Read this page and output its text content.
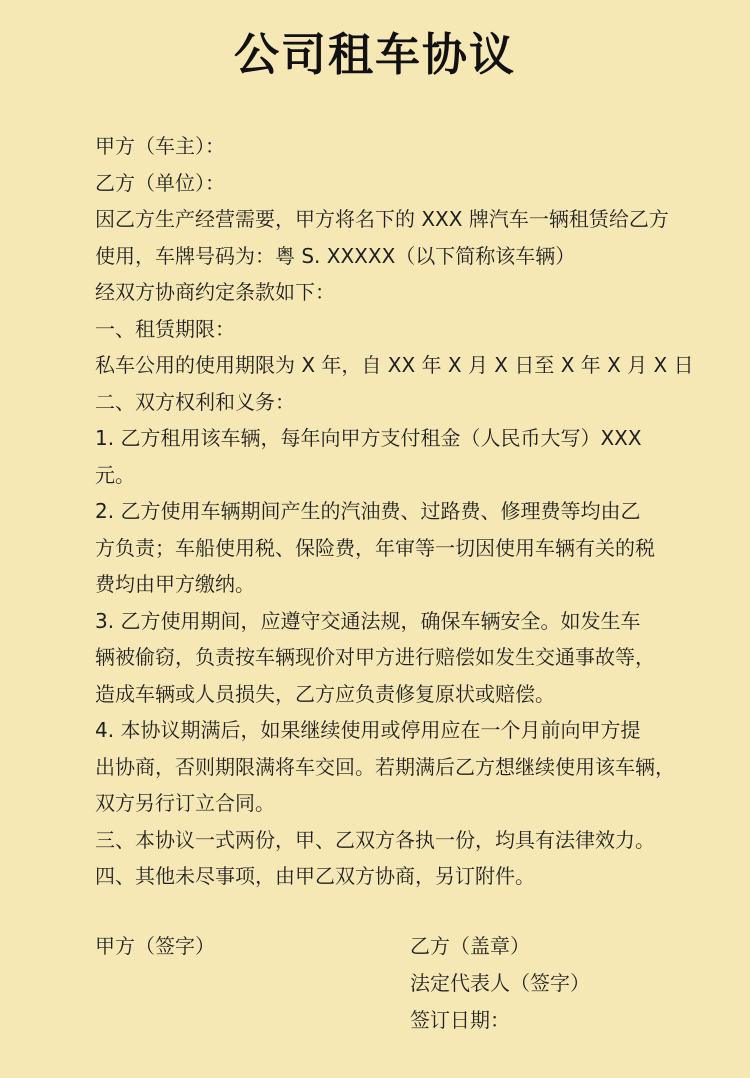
公司租车协议
甲方（车主）：
乙方（单位）：
因乙方生产经营需要，甲方将名下的 XXX 牌汽车一辆租赁给乙方
使用，车牌号码为：粤 S. XXXXX（以下简称该车辆）
经双方协商约定条款如下：
一、租赁期限：
私车公用的使用期限为 X 年，自 XX 年 X 月 X 日至 X 年 X 月 X 日
二、双方权利和义务：
1. 乙方租用该车辆，每年向甲方支付租金（人民币大写）XXX
元。
2. 乙方使用车辆期间产生的汽油费、过路费、修理费等均由乙
方负责；车船使用税、保险费，年审等一切因使用车辆有关的税
费均由甲方缴纳。
3. 乙方使用期间，应遵守交通法规，确保车辆安全。如发生车
辆被偷窃，负责按车辆现价对甲方进行赔偿如发生交通事故等，
造成车辆或人员损失，乙方应负责修复原状或赔偿。
4. 本协议期满后，如果继续使用或停用应在一个月前向甲方提
出协商，否则期限满将车交回。若期满后乙方想继续使用该车辆，
双方另行订立合同。
三、本协议一式两份，甲、乙双方各执一份，均具有法律效力。
四、其他未尽事项，由甲乙双方协商，另订附件。
甲方（签字）	乙方（盖章）
法定代表人（签字）
签订日期：
